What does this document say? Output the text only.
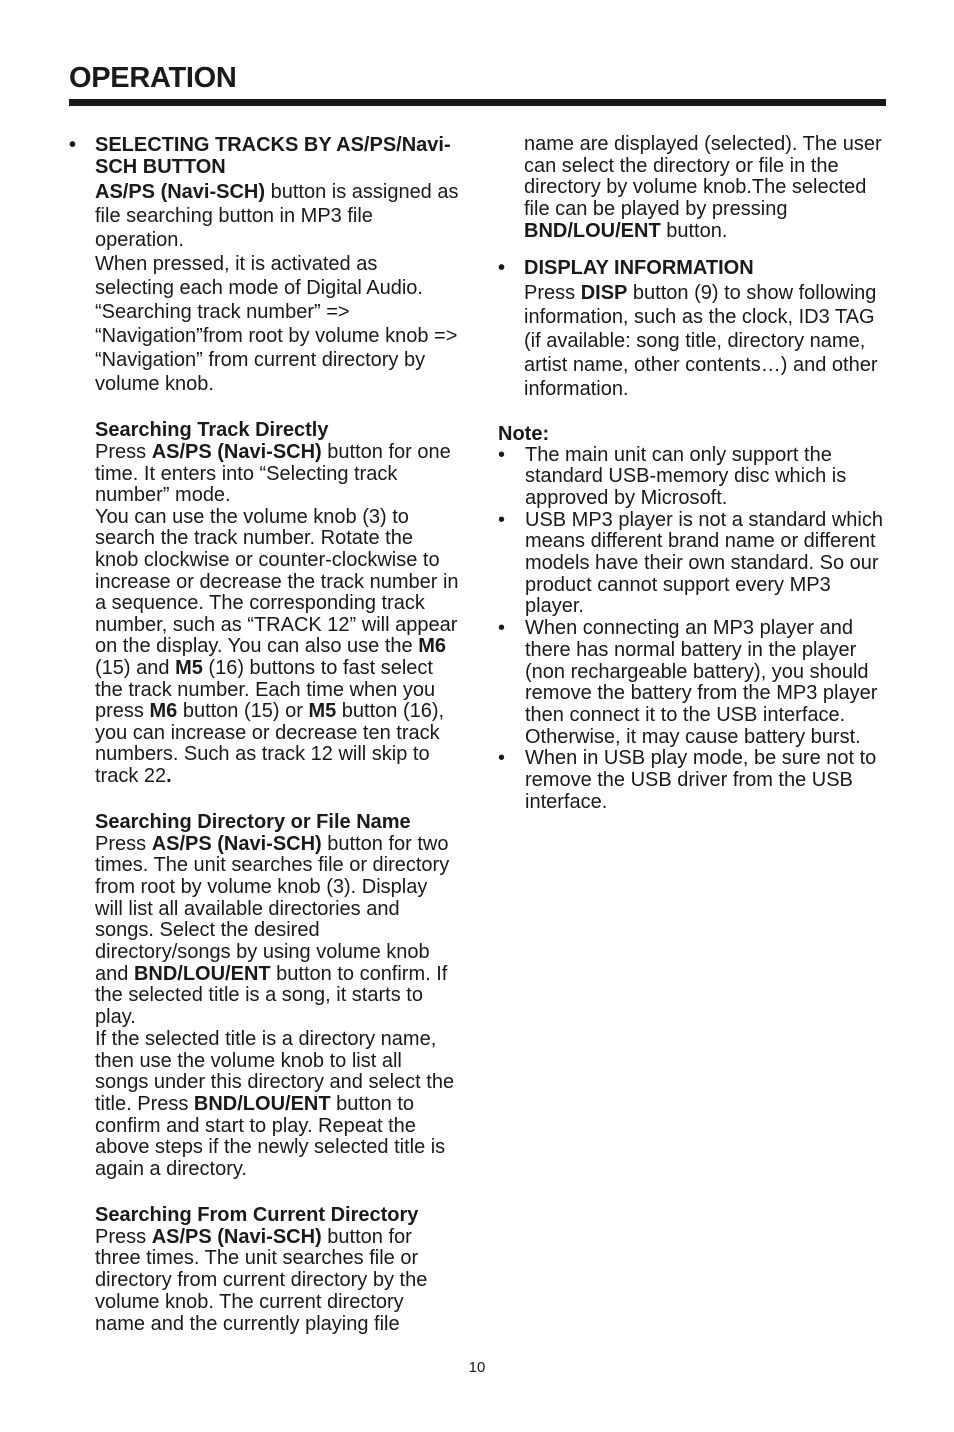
OPERATION
• SELECTING TRACKS BY AS/PS/Navi-SCH BUTTON

AS/PS (Navi-SCH) button is assigned as file searching button in MP3 file operation.

When pressed, it is activated as selecting each mode of Digital Audio. “Searching track number” => “Navigation”from root by volume knob => “Navigation” from current directory by volume knob.

Searching Track Directly

Press AS/PS (Navi-SCH) button for one time. It enters into “Selecting track number” mode.

You can use the volume knob (3) to search the track number. Rotate the knob clockwise or counter-clockwise to increase or decrease the track number in a sequence. The corresponding track number, such as “TRACK 12” will appear on the display. You can also use the M6 (15) and M5 (16) buttons to fast select the track number. Each time when you press M6 button (15) or M5 button (16), you can increase or decrease ten track numbers. Such as track 12 will skip to track 22.

Searching Directory or File Name

Press AS/PS (Navi-SCH) button for two times. The unit searches file or directory from root by volume knob (3). Display will list all available directories and songs. Select the desired directory/songs by using volume knob and BND/LOU/ENT button to confirm. If the selected title is a song, it starts to play.

If the selected title is a directory name, then use the volume knob to list all songs under this directory and select the title. Press BND/LOU/ENT button to confirm and start to play. Repeat the above steps if the newly selected title is again a directory.

Searching From Current Directory

Press AS/PS (Navi-SCH) button for three times. The unit searches file or directory from current directory by the volume knob. The current directory name and the currently playing file

name are displayed (selected). The user can select the directory or file in the directory by volume knob.The selected file can be played by pressing BND/LOU/ENT button.

• DISPLAY INFORMATION

Press DISP button (9) to show following information, such as the clock, ID3 TAG (if available: song title, directory name, artist name, other contents…) and other information.

Note:

• The main unit can only support the standard USB-memory disc which is approved by Microsoft.
• USB MP3 player is not a standard which means different brand name or different models have their own standard. So our product cannot support every MP3 player.
• When connecting an MP3 player and there has normal battery in the player (non rechargeable battery), you should remove the battery from the MP3 player then connect it to the USB interface. Otherwise, it may cause battery burst.
• When in USB play mode, be sure not to remove the USB driver from the USB interface.
10
